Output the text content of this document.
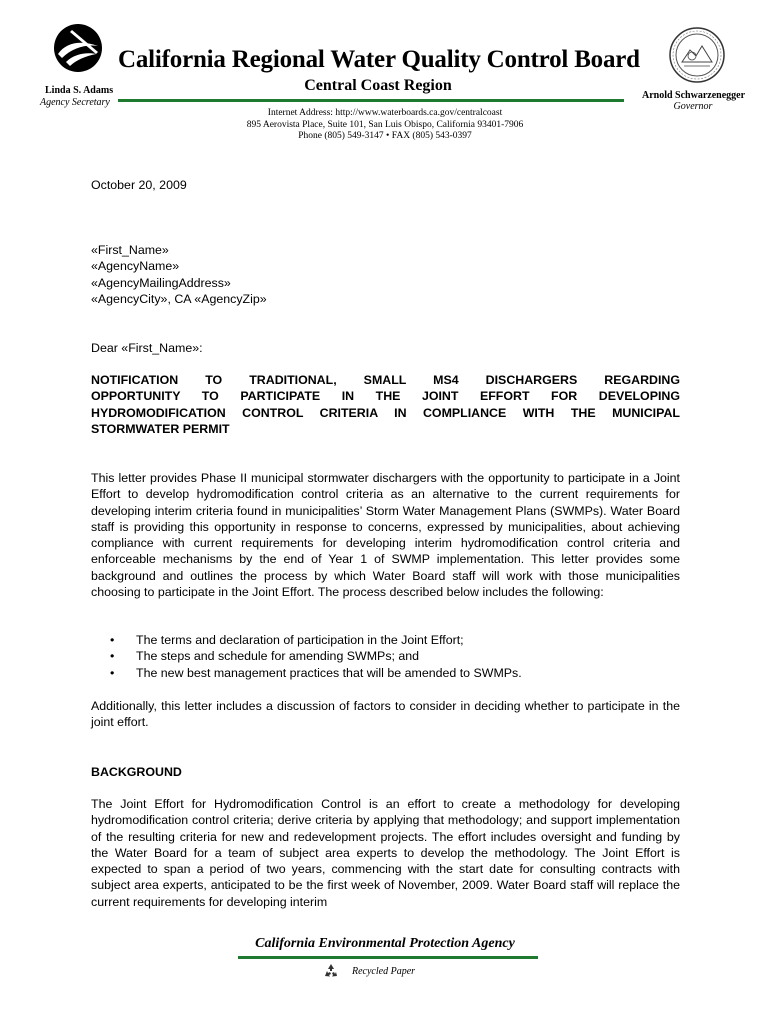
California Regional Water Quality Control Board
Central Coast Region
Linda S. Adams
Agency Secretary
Arnold Schwarzenegger
Governor
Internet Address: http://www.waterboards.ca.gov/centralcoast
895 Aerovista Place, Suite 101, San Luis Obispo, California 93401-7906
Phone (805) 549-3147 • FAX (805) 543-0397
October 20, 2009
«First_Name»
«AgencyName»
«AgencyMailingAddress»
«AgencyCity», CA «AgencyZip»
Dear «First_Name»:
NOTIFICATION TO TRADITIONAL, SMALL MS4 DISCHARGERS REGARDING
OPPORTUNITY TO PARTICIPATE IN THE JOINT EFFORT FOR DEVELOPING
HYDROMODIFICATION CONTROL CRITERIA IN COMPLIANCE WITH THE MUNICIPAL
STORMWATER PERMIT
This letter provides Phase II municipal stormwater dischargers with the opportunity to participate in a Joint Effort to develop hydromodification control criteria as an alternative to the current requirements for developing interim criteria found in municipalities’ Storm Water Management Plans (SWMPs). Water Board staff is providing this opportunity in response to concerns, expressed by municipalities, about achieving compliance with current requirements for developing interim hydromodification control criteria and enforceable mechanisms by the end of Year 1 of SWMP implementation. This letter provides some background and outlines the process by which Water Board staff will work with those municipalities choosing to participate in the Joint Effort. The process described below includes the following:
• The terms and declaration of participation in the Joint Effort;
• The steps and schedule for amending SWMPs; and
• The new best management practices that will be amended to SWMPs.
Additionally, this letter includes a discussion of factors to consider in deciding whether to participate in the joint effort.
BACKGROUND
The Joint Effort for Hydromodification Control is an effort to create a methodology for developing hydromodification control criteria; derive criteria by applying that methodology; and support implementation of the resulting criteria for new and redevelopment projects. The effort includes oversight and funding by the Water Board for a team of subject area experts to develop the methodology. The Joint Effort is expected to span a period of two years, commencing with the start date for consulting contracts with subject area experts, anticipated to be the first week of November, 2009. Water Board staff will replace the current requirements for developing interim
California Environmental Protection Agency
Recycled Paper
